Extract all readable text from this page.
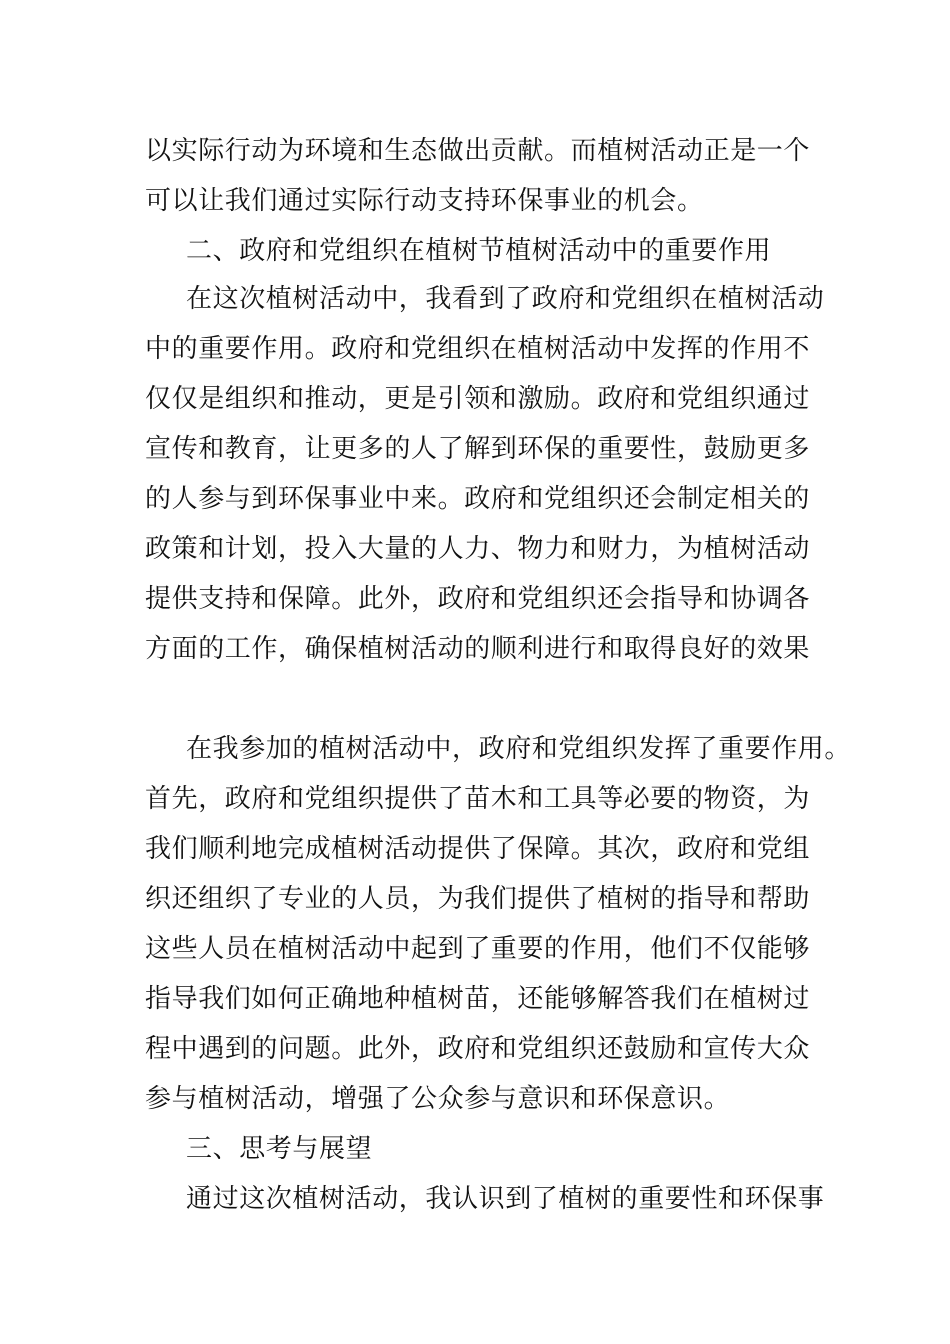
以实际行动为环境和生态做出贡献。而植树活动正是一个
可以让我们通过实际行动支持环保事业的机会。
二、政府和党组织在植树节植树活动中的重要作用
在这次植树活动中，我看到了政府和党组织在植树活动
中的重要作用。政府和党组织在植树活动中发挥的作用不
仅仅是组织和推动，更是引领和激励。政府和党组织通过
宣传和教育，让更多的人了解到环保的重要性，鼓励更多
的人参与到环保事业中来。政府和党组织还会制定相关的
政策和计划，投入大量的人力、物力和财力，为植树活动
提供支持和保障。此外，政府和党组织还会指导和协调各
方面的工作，确保植树活动的顺利进行和取得良好的效果
在我参加的植树活动中，政府和党组织发挥了重要作用。
首先，政府和党组织提供了苗木和工具等必要的物资，为
我们顺利地完成植树活动提供了保障。其次，政府和党组
织还组织了专业的人员，为我们提供了植树的指导和帮助
这些人员在植树活动中起到了重要的作用，他们不仅能够
指导我们如何正确地种植树苗，还能够解答我们在植树过
程中遇到的问题。此外，政府和党组织还鼓励和宣传大众
参与植树活动，增强了公众参与意识和环保意识。
三、思考与展望
通过这次植树活动，我认识到了植树的重要性和环保事
